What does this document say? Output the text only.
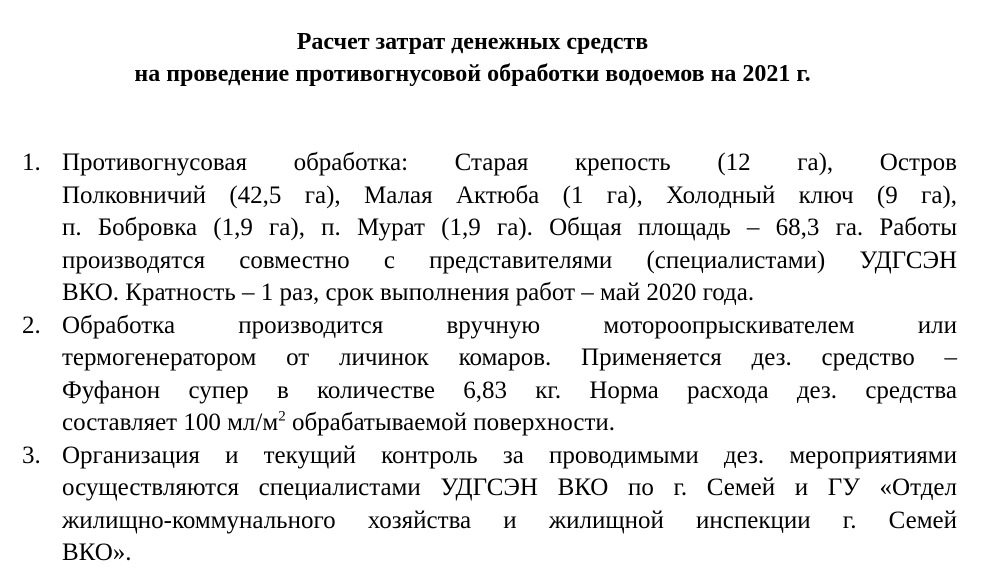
Расчет затрат денежных средств
на проведение противогнусовой обработки водоемов на 2021 г.
1. Противогнусовая обработка: Старая крепость (12 га), Остров
Полковничий (42,5 га), Малая Актюба (1 га), Холодный ключ (9 га),
п. Бобровка (1,9 га), п. Мурат (1,9 га). Общая площадь – 68,3 га. Работы
производятся совместно с представителями (специалистами) УДГСЭН
ВКО. Кратность – 1 раз, срок выполнения работ – май 2020 года.
2. Обработка производится вручную моторoопрыскивателем или
термогенератором от личинок комаров. Применяется дез. средство –
Фуфанон супер в количестве 6,83 кг. Норма расхода дез. средства
составляет 100 $мл/м^2$ обрабатываемой поверхности.
3. Организация и текущий контроль за проводимыми дез. мероприятиями
осуществляются специалистами УДГСЭН ВКО по г. Семей и ГУ «Отдел
жилищно-коммунального хозяйства и жилищной инспекции г. Семей
ВКО».
